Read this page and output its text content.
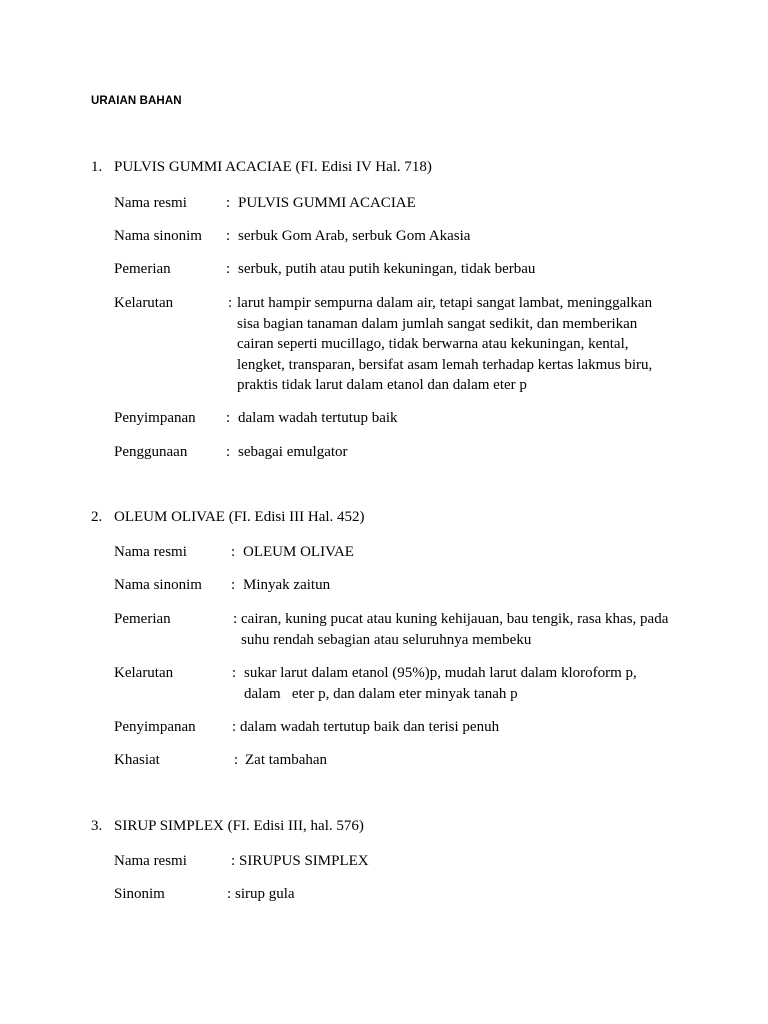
URAIAN BAHAN
1. PULVIS GUMMI ACACIAE (FI. Edisi IV Hal. 718)
Nama resmi	: PULVIS GUMMI ACACIAE
Nama sinonim : serbuk Gom Arab, serbuk Gom Akasia
Pemerian	: serbuk, putih atau putih kekuningan, tidak berbau
Kelarutan	: larut hampir sempurna dalam air, tetapi sangat lambat, meninggalkan
sisa bagian tanaman dalam jumlah sangat sedikit, dan memberikan
cairan seperti mucillago, tidak berwarna atau kekuningan, kental,
lengket, transparan, bersifat asam lemah terhadap kertas lakmus biru,
praktis tidak larut dalam etanol dan dalam eter p
Penyimpanan : dalam wadah tertutup baik
Penggunaan	: sebagai emulgator
2. OLEUM OLIVAE (FI. Edisi III Hal. 452)
Nama resmi	: OLEUM OLIVAE
Nama sinonim : Minyak zaitun
Pemerian	: cairan, kuning pucat atau kuning kehijauan, bau tengik, rasa khas, pada
suhu rendah sebagian atau seluruhnya membeku
Kelarutan	: sukar larut dalam etanol (95%)p, mudah larut dalam kloroform p,
dalam   eter p, dan dalam eter minyak tanah p
Penyimpanan : dalam wadah tertutup baik dan terisi penuh
Khasiat	: Zat tambahan
3. SIRUP SIMPLEX (FI. Edisi III, hal. 576)
Nama resmi	: SIRUPUS SIMPLEX
Sinonim	: sirup gula
